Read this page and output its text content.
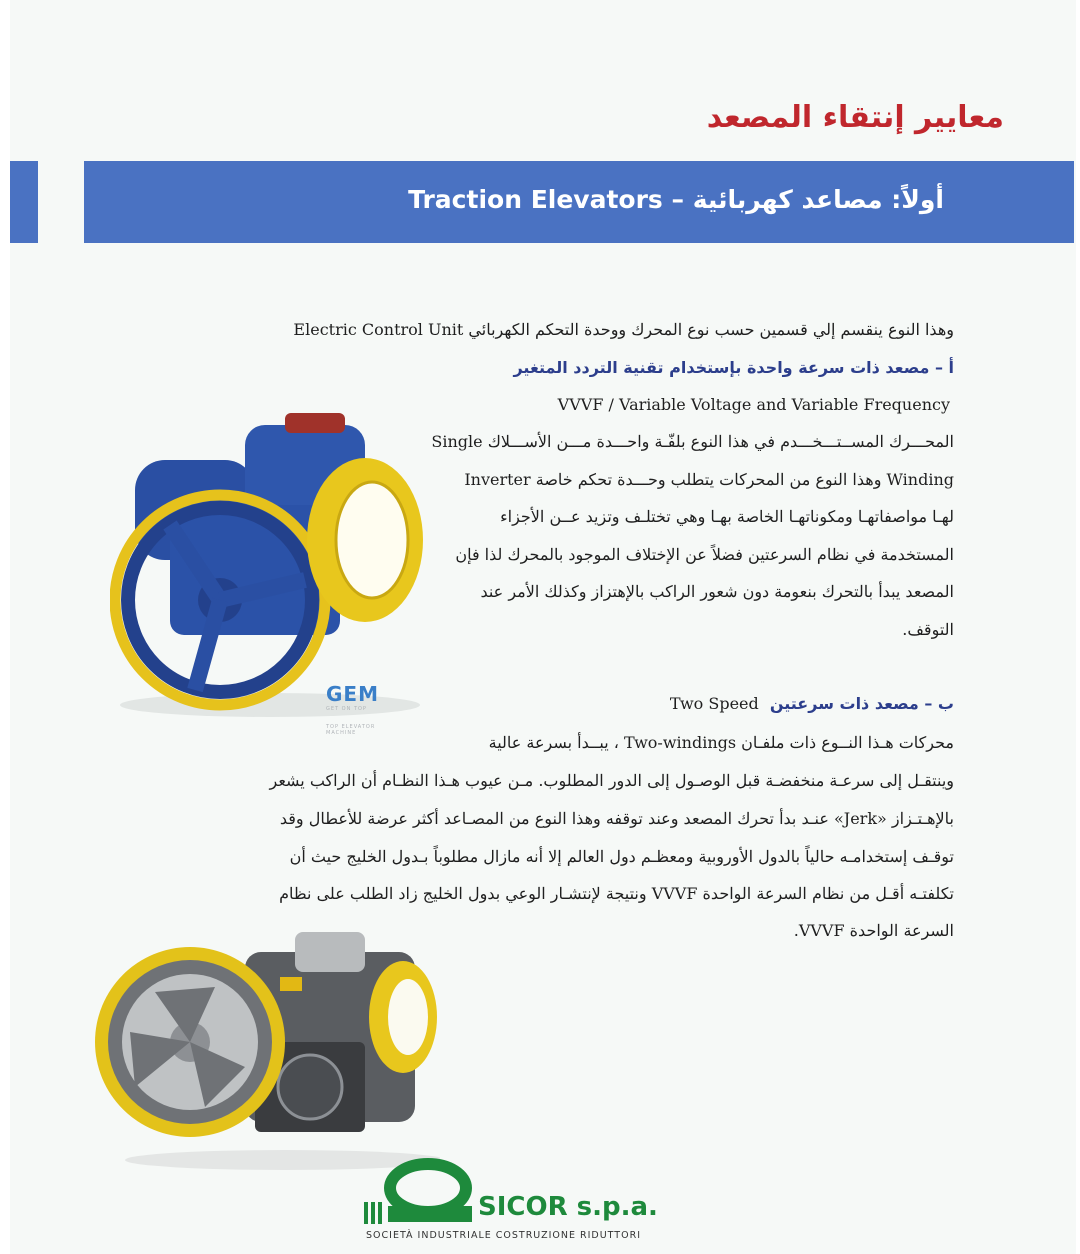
معايير إنتقاء المصعد
أولاً: مصاعد كهربائية – Traction Elevators
وهذا النوع ينقسم إلي قسمين حسب نوع المحرك ووحدة التحكم الكهربائي Electric Control Unit
أ – مصعد ذات سرعة واحدة بإستخدام تقنية التردد المتغير
VVVF / Variable Voltage and Variable Frequency
المحـــرك المســتـــخـــدم في هذا النوع بلفّـة واحـــدة مـــن الأســـلاك Single
Winding وهذا النوع من المحركات يتطلب وحـــدة تحكم خاصة Inverter
لهـا مواصفاتهـا ومكوناتهـا الخاصة بهـا وهي تختلـف وتزيد عــن الأجزاء
المستخدمة في نظام السرعتين فضلاً عن الإختلاف الموجود بالمحرك لذا فإن
المصعد يبدأ بالتحرك بنعومة دون شعور الراكب بالإهتزاز وكذلك الأمر عند
التوقف.
ب – مصعد ذات سرعتين Two Speed
محركات هـذا النــوع ذات ملفـان Two-windings ، يبــدأ بسرعة عالية
وينتقـل إلى سرعـة منخفضـة قبل الوصـول إلى الدور المطلوب. مـن عيوب هـذا النظـام أن الراكب يشعر
بالإهـتـزاز «Jerk» عنـد بدأ تحرك المصعد وعند توقفه وهذا النوع من المصـاعد أكثر عرضة للأعطال وقد
توقـف إستخدامـه حالياً بالدول الأوروبية ومعظـم دول العالم إلا أنه مازال مطلوباً بـدول الخليج حيث أن
تكلفتـه أقـل من نظام السرعة الواحدة VVVF ونتيجة لإنتشـار الوعي بدول الخليج زاد الطلب على نظام
السرعة الواحدة VVVF.
GEM
GET ON TOP
TOP ELEVATOR
MACHINE
SICOR s.p.a.
SOCIETÀ INDUSTRIALE COSTRUZIONE RIDUTTORI
